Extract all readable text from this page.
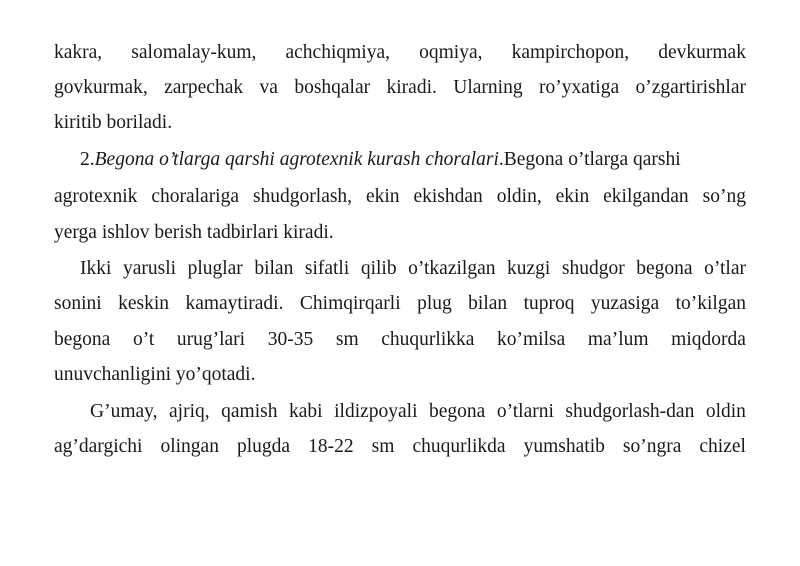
kakra, salomalay-kum, achchiqmiya, oqmiya, kampirchopon, devkurmak
govkurmak, zarpechak va boshqalar kiradi. Ularning ro’yxatiga o’zgartirishlar
kiritib boriladi.
2. Begona o’tlarga qarshi agrotexnik kurash choralari .Begona o’tlarga qarshi
agrotexnik choralariga shudgorlash, ekin ekishdan oldin, ekin ekilgandan so’ng
yerga ishlov berish tadbirlari kiradi.
Ikki yarusli pluglar bilan sifatli qilib o’tkazilgan kuzgi shudgor begona o’tlar
sonini keskin kamaytiradi. Chimqirqarli plug bilan tuproq yuzasiga to’kilgan
begona o’t urug’lari 30-35 sm chuqurlikka ko’milsa ma’lum miqdorda
unuvchanligini yo’qotadi.
G’umay, ajriq, qamish kabi ildizpoyali begona o’tlarni shudgorlash-dan oldin
ag’dargichi olingan plugda 18-22 sm chuqurlikda yumshatib so’ngra chizel
